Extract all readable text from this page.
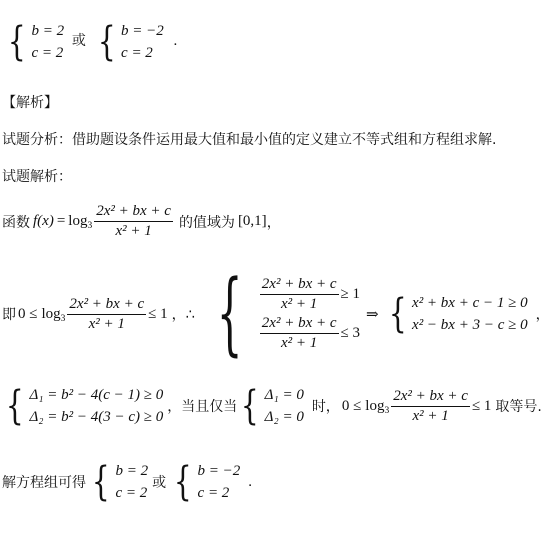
{ b = 2
c = 2
或 { b = −2
c = 2
.
【解析】
试题分析：借助题设条件运用最大值和最小值的定义建立不等式组和方程组求解.
试题解析：
函数 $f(x) = \log_3 \frac{\text{2x² + bx + c}}{\text{x² + 1}}$ 的值域为 [0,1] ，
即 $0 \le \log_3 \frac{\text{2x² + bx + c}}{\text{x² + 1}} \le 1$ ，∴ { $\frac{\text{2x² + bx + c}}{\text{x² + 1}} \ge 1$
$\frac{\text{2x² + bx + c}}{\text{x² + 1}} \le 3$
⇒ { x² + bx + c − 1 ≥ 0
x² − bx + 3 − c ≥ 0
，
{ Δ₁ = b² − 4(c − 1) ≥ 0
Δ₂ = b² − 4(3 − c) ≥ 0
，当且仅当 { Δ₁ = 0
Δ₂ = 0
时， $0 \le \log_3 \frac{\text{2x² + bx + c}}{\text{x² + 1}} \le 1$ 取等号.
解方程组可得 { b = 2
c = 2
或 { b = −2
c = 2
.
